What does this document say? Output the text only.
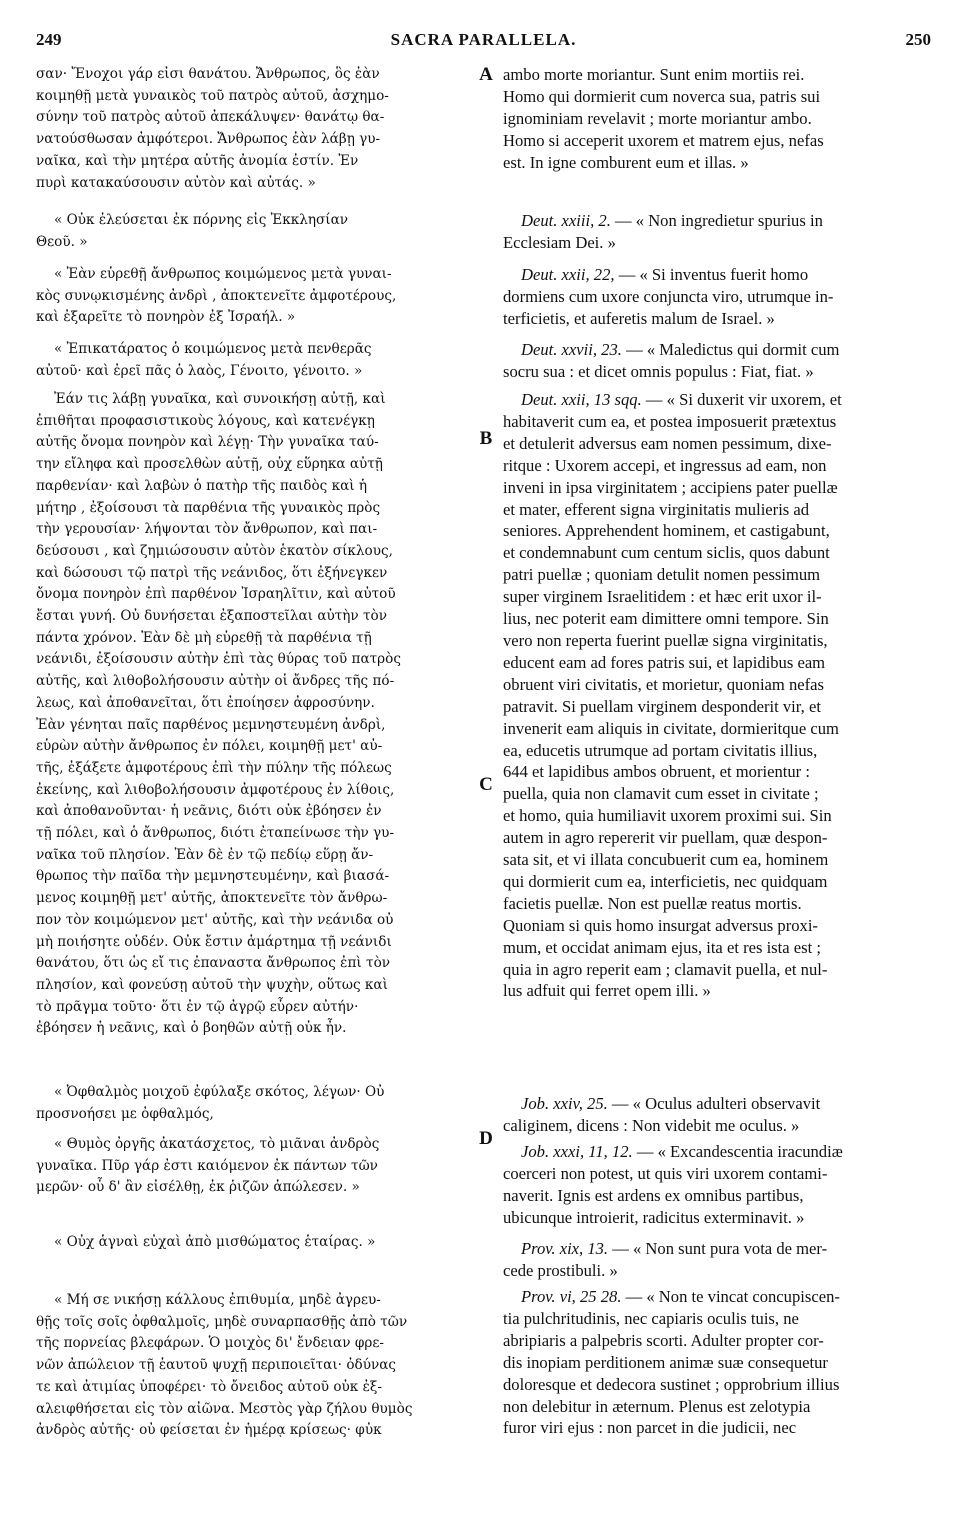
249	SACRA PARALLELA.	250
σαν· Ἔνοχοι γάρ εἰσι θανάτου. Ἄνθρωπος, ὃς ἐὰν
κοιμηθῇ μετὰ γυναικὸς τοῦ πατρὸς αὐτοῦ, ἀσχημο-
σύνην τοῦ πατρὸς αὐτοῦ ἀπεκάλυψεν· θανάτῳ θα-
νατούσθωσαν ἀμφότεροι. Ἄνθρωπος ἐὰν λάβῃ γυ-
ναῖκα, καὶ τὴν μητέρα αὐτῆς ἀνομία ἐστίν. Ἐν
πυρὶ κατακαύσουσιν αὐτὸν καὶ αὐτάς. »
« Οὐκ ἐλεύσεται ἐκ πόρνης εἰς Ἐκκλησίαν
Θεοῦ. »
« Ἐὰν εὑρεθῇ ἄνθρωπος κοιμώμενος μετὰ γυναι-
κὸς συνῳκισμένης ἀνδρὶ , ἀποκτενεῖτε ἀμφοτέρους,
καὶ ἐξαρεῖτε τὸ πονηρὸν ἐξ Ἰσραήλ. »
« Ἐπικατάρατος ὁ κοιμώμενος μετὰ πενθερᾶς
αὐτοῦ· καὶ ἐρεῖ πᾶς ὁ λαὸς, Γένοιτο, γένοιτο. »
Ἐάν τις λάβῃ γυναῖκα, καὶ συνοικήσῃ αὐτῇ, καὶ
ἐπιθῆται προφασιστικοὺς λόγους, καὶ κατενέγκῃ
αὐτῆς ὄνομα πονηρὸν καὶ λέγῃ· Τὴν γυναῖκα ταύ-
την εἴληφα καὶ προσελθὼν αὐτῇ, οὐχ εὕρηκα αὐτῇ
παρθενίαν· καὶ λαβὼν ὁ πατὴρ τῆς παιδὸς καὶ ἡ
μήτηρ , ἐξοίσουσι τὰ παρθένια τῆς γυναικὸς πρὸς
τὴν γερουσίαν· λήψονται τὸν ἄνθρωπον, καὶ παι-
δεύσουσι , καὶ ζημιώσουσιν αὐτὸν ἑκατὸν σίκλους,
καὶ δώσουσι τῷ πατρὶ τῆς νεάνιδος, ὅτι ἐξήνεγκεν
ὄνομα πονηρὸν ἐπὶ παρθένον Ἰσραηλῖτιν, καὶ αὐτοῦ
ἔσται γυνή. Οὐ δυνήσεται ἐξαποστεῖλαι αὐτὴν τὸν
πάντα χρόνον. Ἐὰν δὲ μὴ εὑρεθῇ τὰ παρθένια τῇ
νεάνιδι, ἐξοίσουσιν αὐτὴν ἐπὶ τὰς θύρας τοῦ πατρὸς
αὐτῆς, καὶ λιθοβολήσουσιν αὐτὴν οἱ ἄνδρες τῆς πό-
λεως, καὶ ἀποθανεῖται, ὅτι ἐποίησεν ἀφροσύνην.
Ἐὰν γένηται παῖς παρθένος μεμνηστευμένη ἀνδρὶ,
εὑρὼν αὐτὴν ἄνθρωπος ἐν πόλει, κοιμηθῇ μετ' αὐ-
τῆς, ἐξάξετε ἀμφοτέρους ἐπὶ τὴν πύλην τῆς πόλεως
ἐκείνης, καὶ λιθοβολήσουσιν ἀμφοτέρους ἐν λίθοις,
καὶ ἀποθανοῦνται· ἡ νεᾶνις, διότι οὐκ ἐβόησεν ἐν
τῇ πόλει, καὶ ὁ ἄνθρωπος, διότι ἐταπείνωσε τὴν γυ-
ναῖκα τοῦ πλησίον. Ἐὰν δὲ ἐν τῷ πεδίῳ εὕρῃ ἄν-
θρωπος τὴν παῖδα τὴν μεμνηστευμένην, καὶ βιασά-
μενος κοιμηθῇ μετ' αὐτῆς, ἀποκτενεῖτε τὸν ἄνθρω-
πον τὸν κοιμώμενον μετ' αὐτῆς, καὶ τὴν νεάνιδα οὐ
μὴ ποιήσητε οὐδέν. Οὐκ ἔστιν ἁμάρτημα τῇ νεάνιδι
θανάτου, ὅτι ὡς εἴ τις ἐπαναστα ἄνθρωπος ἐπὶ τὸν
πλησίον, καὶ φονεύσῃ αὐτοῦ τὴν ψυχὴν, οὕτως καὶ
τὸ πρᾶγμα τοῦτο· ὅτι ἐν τῷ ἀγρῷ εὗρεν αὐτήν·
ἐβόησεν ἡ νεᾶνις, καὶ ὁ βοηθῶν αὐτῇ οὐκ ἦν.
« Ὀφθαλμὸς μοιχοῦ ἐφύλαξε σκότος, λέγων· Οὐ
προσνοήσει με ὀφθαλμός,
« Θυμὸς ὀργῆς ἀκατάσχετος, τὸ μιᾶναι ἀνδρὸς
γυναῖκα. Πῦρ γάρ ἐστι καιόμενον ἐκ πάντων τῶν
μερῶν· οὗ δ' ἂν εἰσέλθῃ, ἐκ ῥιζῶν ἀπώλεσεν. »
« Οὐχ ἁγναὶ εὐχαὶ ἀπὸ μισθώματος ἑταίρας. »
« Μή σε νικήσῃ κάλλους ἐπιθυμία, μηδὲ ἀγρευ-
θῇς τοῖς σοῖς ὀφθαλμοῖς, μηδὲ συναρπασθῇς ἀπὸ τῶν
τῆς πορνείας βλεφάρων. Ὁ μοιχὸς δι' ἔνδειαν φρε-
νῶν ἀπώλειον τῇ ἑαυτοῦ ψυχῇ περιποιεῖται· ὀδύνας
τε καὶ ἀτιμίας ὑποφέρει· τὸ ὄνειδος αὐτοῦ οὐκ ἐξ-
αλειφθήσεται εἰς τὸν αἰῶνα. Μεστὸς γὰρ ζήλου θυμὸς
ἀνδρὸς αὐτῆς· οὐ φείσεται ἐν ἡμέρᾳ κρίσεως· φὐκ
A
B
C
D
ambo morte moriantur. Sunt enim mortiis rei.
Homo qui dormierit cum noverca sua, patris sui
ignominiam revelavit ; morte moriantur ambo.
Homo si acceperit uxorem et matrem ejus, nefas
est. In igne comburent eum et illas. »
Deut. xxiii, 2. — « Non ingredietur spurius in
Ecclesiam Dei. »
Deut. xxii, 22, — « Si inventus fuerit homo
dormiens cum uxore conjuncta viro, utrumque in-
terficietis, et auferetis malum de Israel. »
Deut. xxvii, 23. — « Maledictus qui dormit cum
socru sua : et dicet omnis populus : Fiat, fiat. »
Deut. xxii, 13 sqq. — « Si duxerit vir uxorem, et
habitaverit cum ea, et postea imposuerit prætextus
et detulerit adversus eam nomen pessimum, dixe-
ritque : Uxorem accepi, et ingressus ad eam, non
inveni in ipsa virginitatem ; accipiens pater puellæ
et mater, efferent signa virginitatis mulieris ad
seniores. Apprehendent hominem, et castigabunt,
et condemnabunt cum centum siclis, quos dabunt
patri puellæ ; quoniam detulit nomen pessimum
super virginem Israelitidem : et hæc erit uxor il-
lius, nec poterit eam dimittere omni tempore. Sin
vero non reperta fuerint puellæ signa virginitatis,
educent eam ad fores patris sui, et lapidibus eam
obruent viri civitatis, et morietur, quoniam nefas
patravit. Si puellam virginem desponderit vir, et
invenerit eam aliquis in civitate, dormieritque cum
ea, educetis utrumque ad portam civitatis illius,
644 et lapidibus ambos obruent, et morientur :
puella, quia non clamavit cum esset in civitate ;
et homo, quia humiliavit uxorem proximi sui. Sin
autem in agro repererit vir puellam, quæ despon-
sata sit, et vi illata concubuerit cum ea, hominem
qui dormierit cum ea, interficietis, nec quidquam
facietis puellæ. Non est puellæ reatus mortis.
Quoniam si quis homo insurgat adversus proxi-
mum, et occidat animam ejus, ita et res ista est ;
quia in agro reperit eam ; clamavit puella, et nul-
lus adfuit qui ferret opem illi. »
Job. xxiv, 25. — « Oculus adulteri observavit
caliginem, dicens : Non videbit me oculus. »
Job. xxxi, 11, 12. — « Excandescentia iracundiæ
coerceri non potest, ut quis viri uxorem contami-
naverit. Ignis est ardens ex omnibus partibus,
ubicunque introierit, radicitus exterminavit. »
Prov. xix, 13. — « Non sunt pura vota de mer-
cede prostibuli. »
Prov. vi, 25 28. — « Non te vincat concupiscen-
tia pulchritudinis, nec capiaris oculis tuis, ne
abripiaris a palpebris scorti. Adulter propter cor-
dis inopiam perditionem animæ suæ consequetur
doloresque et dedecora sustinet ; opprobrium illius
non delebitur in æternum. Plenus est zelotypia
furor viri ejus : non parcet in die judicii, nec
